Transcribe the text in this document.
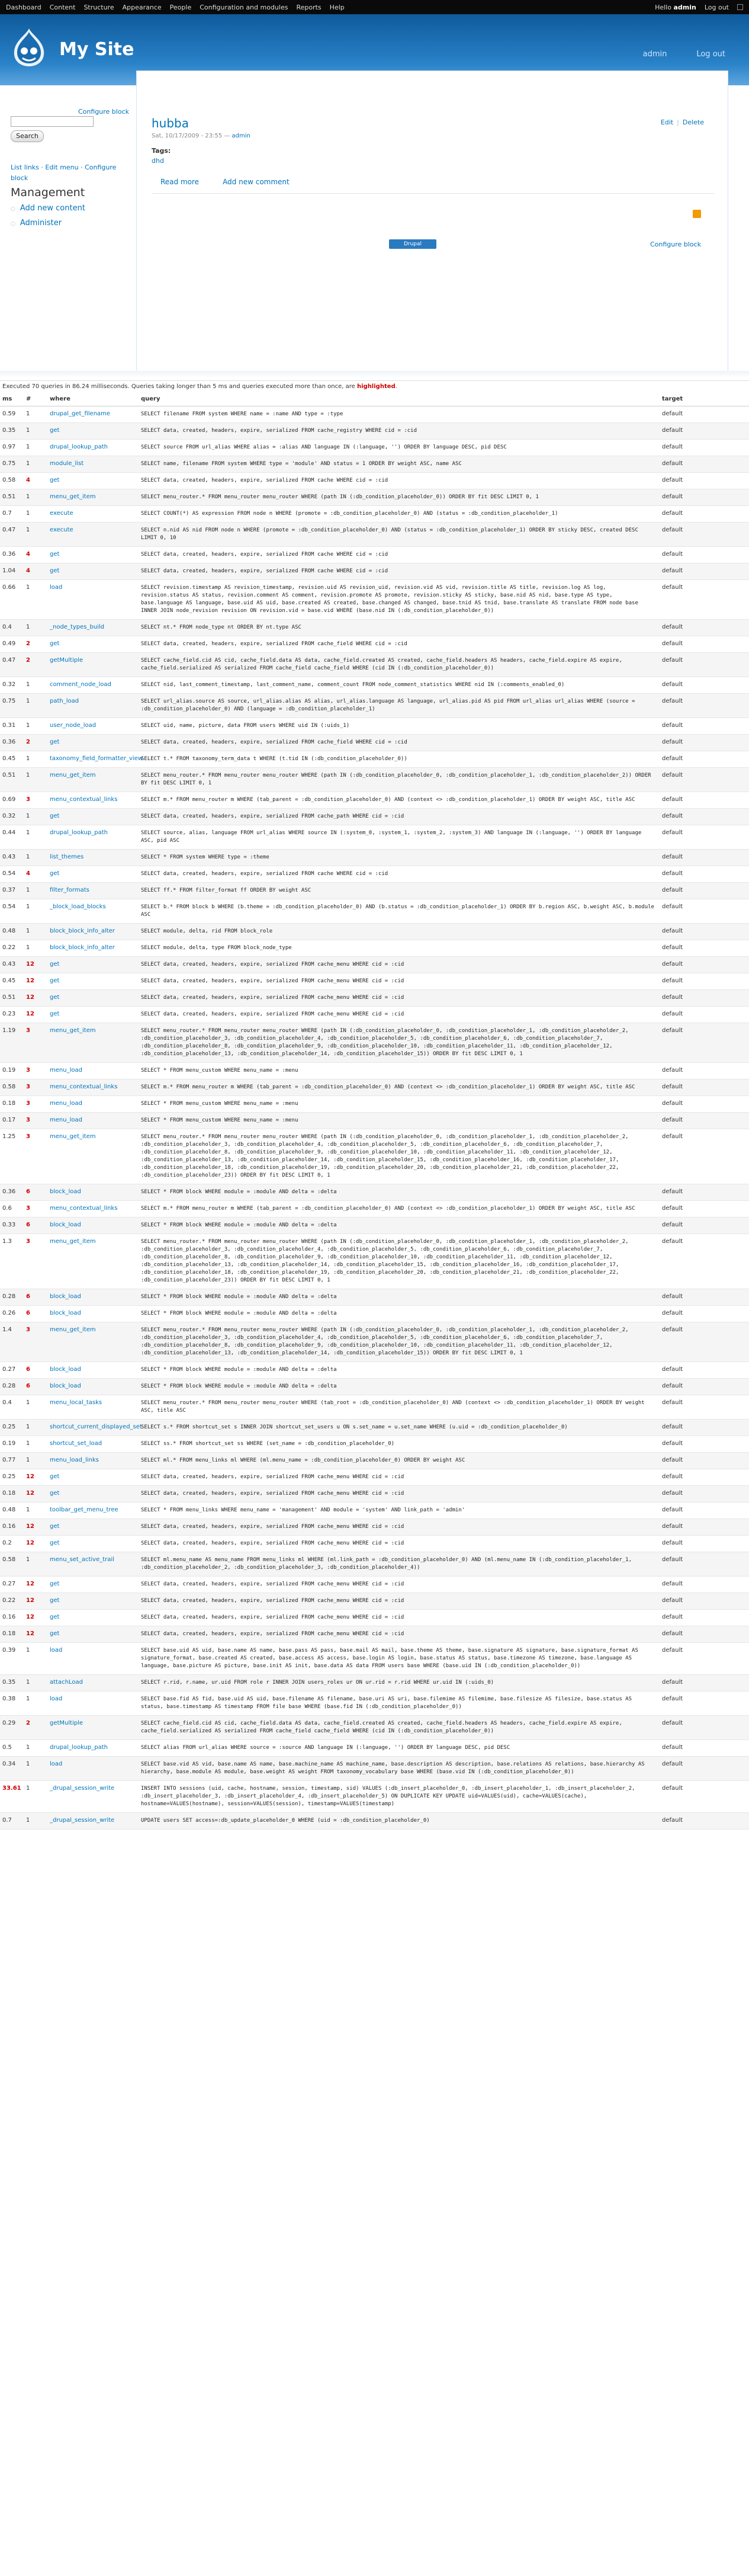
Dashboard Content Structure Appearance People Configuration and modules Reports Help	Hello admin Log out
My Site	admin	Log out
Configure block
Search
List links · Edit menu · Configure block
Management
○ Add new content
○ Administer
hubba
Sat, 10/17/2009 - 23:55 — admin
Edit | Delete
Tags:
dhd
Read more	Add new comment
Drupal	Configure block
Executed 70 queries in 86.24 milliseconds. Queries taking longer than 5 ms and queries executed more than once, are highlighted.
ms	#	where	query	target
0.59	1	drupal_get_filename	SELECT filename FROM system WHERE name = :name AND type = :type	default
0.35	1	get	SELECT data, created, headers, expire, serialized FROM cache_registry WHERE cid = :cid	default
0.97	1	drupal_lookup_path	SELECT source FROM url_alias WHERE alias = :alias AND language IN (:language, '') ORDER BY language DESC, pid DESC	default
0.75	1	module_list	SELECT name, filename FROM system WHERE type = 'module' AND status = 1 ORDER BY weight ASC, name ASC	default
0.58	4	get	SELECT data, created, headers, expire, serialized FROM cache WHERE cid = :cid	default
0.51	1	menu_get_item	SELECT menu_router.* FROM menu_router menu_router WHERE (path IN (:db_condition_placeholder_0)) ORDER BY fit DESC LIMIT 0, 1	default
0.7	1	execute	SELECT COUNT(*) AS expression FROM node n WHERE (promote = :db_condition_placeholder_0) AND (status = :db_condition_placeholder_1)	default
0.47	1	execute	SELECT n.nid AS nid FROM node n WHERE (promote = :db_condition_placeholder_0) AND (status = :db_condition_placeholder_1) ORDER BY sticky DESC, created DESC LIMIT 0, 10	default
0.36	4	get	SELECT data, created, headers, expire, serialized FROM cache WHERE cid = :cid	default
1.04	4	get	SELECT data, created, headers, expire, serialized FROM cache WHERE cid = :cid	default
0.66	1	load	SELECT revision.timestamp AS revision_timestamp, revision.uid AS revision_uid, revision.vid AS vid, revision.title AS title, revision.log AS log, revision.status AS status, revision.comment AS comment, revision.promote AS promote, revision.sticky AS sticky, base.nid AS nid, base.type AS type, base.language AS language, base.uid AS uid, base.created AS created, base.changed AS changed, base.tnid AS tnid, base.translate AS translate FROM node base INNER JOIN node_revision revision ON revision.vid = base.vid WHERE (base.nid IN (:db_condition_placeholder_0))	default
0.4	1	_node_types_build	SELECT nt.* FROM node_type nt ORDER BY nt.type ASC	default
0.49	2	get	SELECT data, created, headers, expire, serialized FROM cache_field WHERE cid = :cid	default
0.47	2	getMultiple	SELECT cache_field.cid AS cid, cache_field.data AS data, cache_field.created AS created, cache_field.headers AS headers, cache_field.expire AS expire, cache_field.serialized AS serialized FROM cache_field cache_field WHERE (cid IN (:db_condition_placeholder_0))	default
0.32	1	comment_node_load	SELECT nid, last_comment_timestamp, last_comment_name, comment_count FROM node_comment_statistics WHERE nid IN (:comments_enabled_0)	default
0.75	1	path_load	SELECT url_alias.source AS source, url_alias.alias AS alias, url_alias.language AS language, url_alias.pid AS pid FROM url_alias url_alias WHERE (source = :db_condition_placeholder_0) AND (language = :db_condition_placeholder_1)	default
0.31	1	user_node_load	SELECT uid, name, picture, data FROM users WHERE uid IN (:uids_1)	default
0.36	2	get	SELECT data, created, headers, expire, serialized FROM cache_field WHERE cid = :cid	default
0.45	1	taxonomy_field_formatter_view	SELECT t.* FROM taxonomy_term_data t WHERE (t.tid IN (:db_condition_placeholder_0))	default
0.51	1	menu_get_item	SELECT menu_router.* FROM menu_router menu_router WHERE (path IN (:db_condition_placeholder_0, :db_condition_placeholder_1, :db_condition_placeholder_2)) ORDER BY fit DESC LIMIT 0, 1	default
0.69	3	menu_contextual_links	SELECT m.* FROM menu_router m WHERE (tab_parent = :db_condition_placeholder_0) AND (context <> :db_condition_placeholder_1) ORDER BY weight ASC, title ASC	default
0.32	1	get	SELECT data, created, headers, expire, serialized FROM cache_path WHERE cid = :cid	default
0.44	1	drupal_lookup_path	SELECT source, alias, language FROM url_alias WHERE source IN (:system_0, :system_1, :system_2, :system_3) AND language IN (:language, '') ORDER BY language ASC, pid ASC	default
0.43	1	list_themes	SELECT * FROM system WHERE type = :theme	default
0.54	4	get	SELECT data, created, headers, expire, serialized FROM cache WHERE cid = :cid	default
0.37	1	filter_formats	SELECT ff.* FROM filter_format ff ORDER BY weight ASC	default
0.54	1	_block_load_blocks	SELECT b.* FROM block b WHERE (b.theme = :db_condition_placeholder_0) AND (b.status = :db_condition_placeholder_1) ORDER BY b.region ASC, b.weight ASC, b.module ASC	default
0.48	1	block_block_info_alter	SELECT module, delta, rid FROM block_role	default
0.22	1	block_block_info_alter	SELECT module, delta, type FROM block_node_type	default
0.43	12	get	SELECT data, created, headers, expire, serialized FROM cache_menu WHERE cid = :cid	default
0.45	12	get	SELECT data, created, headers, expire, serialized FROM cache_menu WHERE cid = :cid	default
0.51	12	get	SELECT data, created, headers, expire, serialized FROM cache_menu WHERE cid = :cid	default
0.23	12	get	SELECT data, created, headers, expire, serialized FROM cache_menu WHERE cid = :cid	default
1.19	3	menu_get_item	SELECT menu_router.* FROM menu_router menu_router WHERE (path IN (:db_condition_placeholder_0, :db_condition_placeholder_1, :db_condition_placeholder_2, :db_condition_placeholder_3, :db_condition_placeholder_4, :db_condition_placeholder_5, :db_condition_placeholder_6, :db_condition_placeholder_7, :db_condition_placeholder_8, :db_condition_placeholder_9, :db_condition_placeholder_10, :db_condition_placeholder_11, :db_condition_placeholder_12, :db_condition_placeholder_13, :db_condition_placeholder_14, :db_condition_placeholder_15)) ORDER BY fit DESC LIMIT 0, 1	default
0.19	3	menu_load	SELECT * FROM menu_custom WHERE menu_name = :menu	default
0.58	3	menu_contextual_links	SELECT m.* FROM menu_router m WHERE (tab_parent = :db_condition_placeholder_0) AND (context <> :db_condition_placeholder_1) ORDER BY weight ASC, title ASC	default
0.18	3	menu_load	SELECT * FROM menu_custom WHERE menu_name = :menu	default
0.17	3	menu_load	SELECT * FROM menu_custom WHERE menu_name = :menu	default
1.25	3	menu_get_item	SELECT menu_router.* FROM menu_router menu_router WHERE (path IN (:db_condition_placeholder_0, :db_condition_placeholder_1, :db_condition_placeholder_2, :db_condition_placeholder_3, :db_condition_placeholder_4, :db_condition_placeholder_5, :db_condition_placeholder_6, :db_condition_placeholder_7, :db_condition_placeholder_8, :db_condition_placeholder_9, :db_condition_placeholder_10, :db_condition_placeholder_11, :db_condition_placeholder_12, :db_condition_placeholder_13, :db_condition_placeholder_14, :db_condition_placeholder_15, :db_condition_placeholder_16, :db_condition_placeholder_17, :db_condition_placeholder_18, :db_condition_placeholder_19, :db_condition_placeholder_20, :db_condition_placeholder_21, :db_condition_placeholder_22, :db_condition_placeholder_23)) ORDER BY fit DESC LIMIT 0, 1	default
0.36	6	block_load	SELECT * FROM block WHERE module = :module AND delta = :delta	default
0.6	3	menu_contextual_links	SELECT m.* FROM menu_router m WHERE (tab_parent = :db_condition_placeholder_0) AND (context <> :db_condition_placeholder_1) ORDER BY weight ASC, title ASC	default
0.33	6	block_load	SELECT * FROM block WHERE module = :module AND delta = :delta	default
1.3	3	menu_get_item	SELECT menu_router.* FROM menu_router menu_router WHERE (path IN (:db_condition_placeholder_0, :db_condition_placeholder_1, :db_condition_placeholder_2, :db_condition_placeholder_3, :db_condition_placeholder_4, :db_condition_placeholder_5, :db_condition_placeholder_6, :db_condition_placeholder_7, :db_condition_placeholder_8, :db_condition_placeholder_9, :db_condition_placeholder_10, :db_condition_placeholder_11, :db_condition_placeholder_12, :db_condition_placeholder_13, :db_condition_placeholder_14, :db_condition_placeholder_15, :db_condition_placeholder_16, :db_condition_placeholder_17, :db_condition_placeholder_18, :db_condition_placeholder_19, :db_condition_placeholder_20, :db_condition_placeholder_21, :db_condition_placeholder_22, :db_condition_placeholder_23)) ORDER BY fit DESC LIMIT 0, 1	default
0.28	6	block_load	SELECT * FROM block WHERE module = :module AND delta = :delta	default
0.26	6	block_load	SELECT * FROM block WHERE module = :module AND delta = :delta	default
1.4	3	menu_get_item	SELECT menu_router.* FROM menu_router menu_router WHERE (path IN (:db_condition_placeholder_0, :db_condition_placeholder_1, :db_condition_placeholder_2, :db_condition_placeholder_3, :db_condition_placeholder_4, :db_condition_placeholder_5, :db_condition_placeholder_6, :db_condition_placeholder_7, :db_condition_placeholder_8, :db_condition_placeholder_9, :db_condition_placeholder_10, :db_condition_placeholder_11, :db_condition_placeholder_12, :db_condition_placeholder_13, :db_condition_placeholder_14, :db_condition_placeholder_15)) ORDER BY fit DESC LIMIT 0, 1	default
0.27	6	block_load	SELECT * FROM block WHERE module = :module AND delta = :delta	default
0.28	6	block_load	SELECT * FROM block WHERE module = :module AND delta = :delta	default
0.4	1	menu_local_tasks	SELECT menu_router.* FROM menu_router menu_router WHERE (tab_root = :db_condition_placeholder_0) AND (context <> :db_condition_placeholder_1) ORDER BY weight ASC, title ASC	default
0.25	1	shortcut_current_displayed_set	SELECT s.* FROM shortcut_set s INNER JOIN shortcut_set_users u ON s.set_name = u.set_name WHERE (u.uid = :db_condition_placeholder_0)	default
0.19	1	shortcut_set_load	SELECT ss.* FROM shortcut_set ss WHERE (set_name = :db_condition_placeholder_0)	default
0.77	1	menu_load_links	SELECT ml.* FROM menu_links ml WHERE (ml.menu_name = :db_condition_placeholder_0) ORDER BY weight ASC	default
0.25	12	get	SELECT data, created, headers, expire, serialized FROM cache_menu WHERE cid = :cid	default
0.18	12	get	SELECT data, created, headers, expire, serialized FROM cache_menu WHERE cid = :cid	default
0.48	1	toolbar_get_menu_tree	SELECT * FROM menu_links WHERE menu_name = 'management' AND module = 'system' AND link_path = 'admin'	default
0.16	12	get	SELECT data, created, headers, expire, serialized FROM cache_menu WHERE cid = :cid	default
0.2	12	get	SELECT data, created, headers, expire, serialized FROM cache_menu WHERE cid = :cid	default
0.58	1	menu_set_active_trail	SELECT ml.menu_name AS menu_name FROM menu_links ml WHERE (ml.link_path = :db_condition_placeholder_0) AND (ml.menu_name IN (:db_condition_placeholder_1, :db_condition_placeholder_2, :db_condition_placeholder_3, :db_condition_placeholder_4))	default
0.27	12	get	SELECT data, created, headers, expire, serialized FROM cache_menu WHERE cid = :cid	default
0.22	12	get	SELECT data, created, headers, expire, serialized FROM cache_menu WHERE cid = :cid	default
0.16	12	get	SELECT data, created, headers, expire, serialized FROM cache_menu WHERE cid = :cid	default
0.18	12	get	SELECT data, created, headers, expire, serialized FROM cache_menu WHERE cid = :cid	default
0.39	1	load	SELECT base.uid AS uid, base.name AS name, base.pass AS pass, base.mail AS mail, base.theme AS theme, base.signature AS signature, base.signature_format AS signature_format, base.created AS created, base.access AS access, base.login AS login, base.status AS status, base.timezone AS timezone, base.language AS language, base.picture AS picture, base.init AS init, base.data AS data FROM users base WHERE (base.uid IN (:db_condition_placeholder_0))	default
0.35	1	attachLoad	SELECT r.rid, r.name, ur.uid FROM role r INNER JOIN users_roles ur ON ur.rid = r.rid WHERE ur.uid IN (:uids_0)	default
0.38	1	load	SELECT base.fid AS fid, base.uid AS uid, base.filename AS filename, base.uri AS uri, base.filemime AS filemime, base.filesize AS filesize, base.status AS status, base.timestamp AS timestamp FROM file base WHERE (base.fid IN (:db_condition_placeholder_0))	default
0.29	2	getMultiple	SELECT cache_field.cid AS cid, cache_field.data AS data, cache_field.created AS created, cache_field.headers AS headers, cache_field.expire AS expire, cache_field.serialized AS serialized FROM cache_field cache_field WHERE (cid IN (:db_condition_placeholder_0))	default
0.5	1	drupal_lookup_path	SELECT alias FROM url_alias WHERE source = :source AND language IN (:language, '') ORDER BY language DESC, pid DESC	default
0.34	1	load	SELECT base.vid AS vid, base.name AS name, base.machine_name AS machine_name, base.description AS description, base.relations AS relations, base.hierarchy AS hierarchy, base.module AS module, base.weight AS weight FROM taxonomy_vocabulary base WHERE (base.vid IN (:db_condition_placeholder_0))	default
33.61	1	_drupal_session_write	INSERT INTO sessions (uid, cache, hostname, session, timestamp, sid) VALUES (:db_insert_placeholder_0, :db_insert_placeholder_1, :db_insert_placeholder_2, :db_insert_placeholder_3, :db_insert_placeholder_4, :db_insert_placeholder_5) ON DUPLICATE KEY UPDATE uid=VALUES(uid), cache=VALUES(cache), hostname=VALUES(hostname), session=VALUES(session), timestamp=VALUES(timestamp)	default
0.7	1	_drupal_session_write	UPDATE users SET access=:db_update_placeholder_0 WHERE (uid = :db_condition_placeholder_0)	default
